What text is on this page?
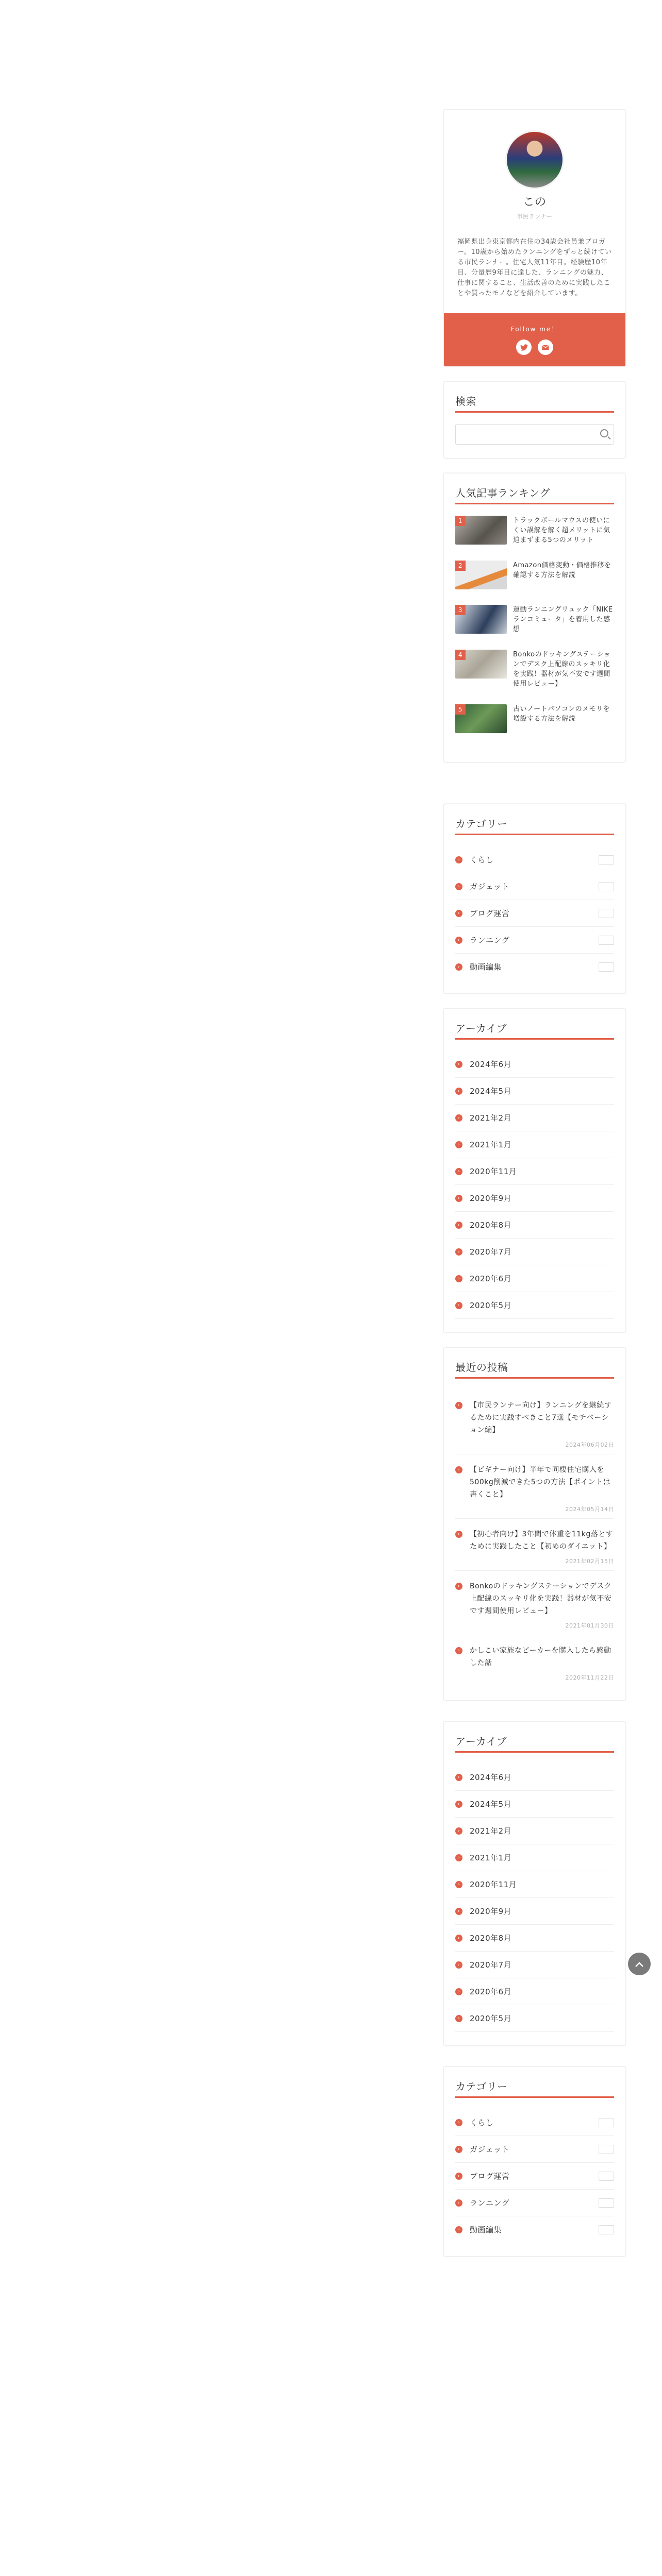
この
市民ランナー
福岡県出身東京都内在住の34歳会社員兼ブロガー。10歳から始めたランニングをずっと続けている市民ランナー。住宅人気11年目。経験歴10年目、分量歴9年目に達した、ランニングの魅力、仕事に関すること、生活改善のために実践したことや買ったモノなどを紹介しています。
Follow me！
検索
人気記事ランキング
1	トラックボールマウスの使いにくい誤解を解く超メリットに気迫まずまる5つのメリット
2	Amazon価格変動・価格推移を確認する方法を解説
3	運動ランニングリュック「NIKEランコミュータ」を着用した感想
4	Bonkoのドッキングステーションでデスク上配線のスッキリ化を実践！器材が気不安です週間使用レビュー】
5	古いノートパソコンのメモリを増設する方法を解説
カテゴリー
›	くらし
›	ガジェット
›	ブログ運営
›	ランニング
›	動画編集
アーカイブ
›	2024年6月
›	2024年5月
›	2021年2月
›	2021年1月
›	2020年11月
›	2020年9月
›	2020年8月
›	2020年7月
›	2020年6月
›	2020年5月
最近の投稿
›	【市民ランナー向け】ランニングを継続するために実践すべきこと7選【モチベーション編】
2024年06月02日
›	【ビギナー向け】半年で同棲住宅購入を500kg削減できた5つの方法【ポイントは書くこと】
2024年05月14日
›	【初心者向け】3年間で体重を11kg落とすために実践したこと【初めのダイエット】
2021年02月15日
›	Bonkoのドッキングステーションでデスク上配線のスッキリ化を実践！器材が気不安です週間使用レビュー】
2021年01月30日
›	かしこい家族なビーカーを購入したら感動した話
2020年11月22日
アーカイブ
›	2024年6月
›	2024年5月
›	2021年2月
›	2021年1月
›	2020年11月
›	2020年9月
›	2020年8月
›	2020年7月
›	2020年6月
›	2020年5月
カテゴリー
›	くらし
›	ガジェット
›	ブログ運営
›	ランニング
›	動画編集
